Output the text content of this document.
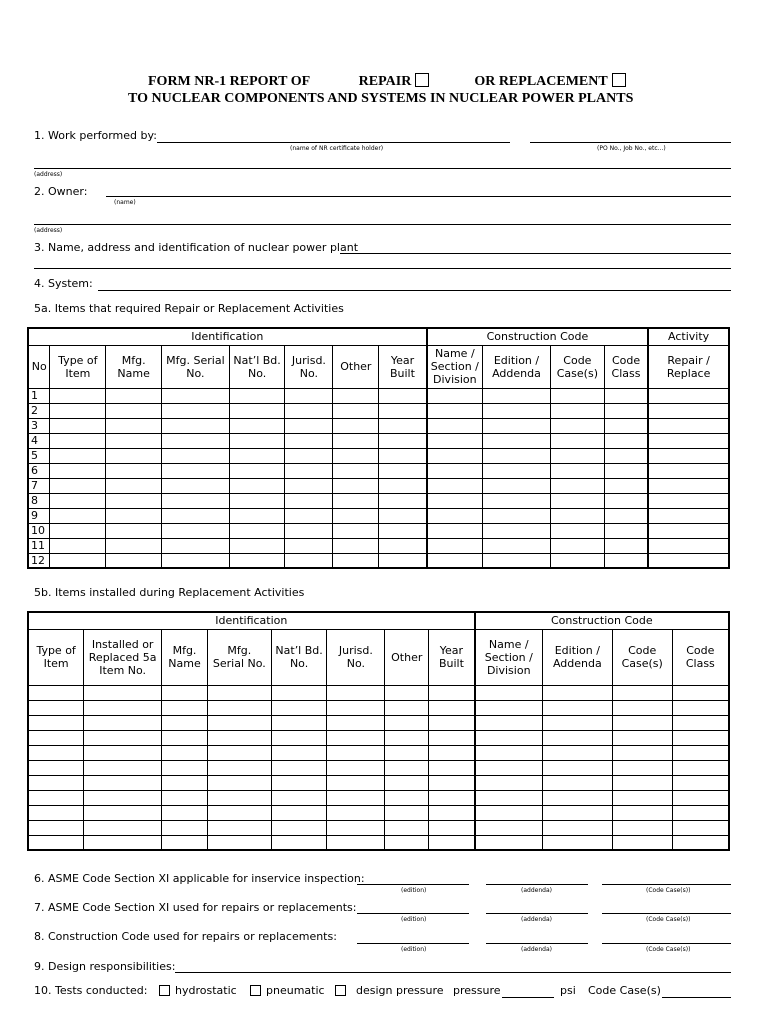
FORM NR-1 REPORT OF	REPAIR	OR REPLACEMENT
TO NUCLEAR COMPONENTS AND SYSTEMS IN NUCLEAR POWER PLANTS
1. Work performed by:
(name of NR certificate holder)	(PO No., Job No., etc...)
(address)
2. Owner:
(name)
(address)
3. Name, address and identification of nuclear power plant
4. System:
5a. Items that required Repair or Replacement Activities
Identification								Construction Code				Activity
No	Type of Item	Mfg. Name	Mfg. Serial No.	Nat’l Bd. No.	Jurisd. No.	Other	Year Built	Name / Section / Division	Edition / Addenda	Code Case(s)	Code Class	Repair / Replace
1												
2												
3												
4												
5												
6												
7												
8												
9												
10												
11												
12												
5b. Items installed during Replacement Activities
Identification								Construction Code			
Type of Item	Installed or Replaced 5a Item No.	Mfg. Name	Mfg. Serial No.	Nat’l Bd. No.	Jurisd. No.	Other	Year Built	Name / Section / Division	Edition / Addenda	Code Case(s)	Code Class

6. ASME Code Section XI applicable for inservice inspection:
(edition)	(addenda)	(Code Case(s))
7. ASME Code Section XI used for repairs or replacements:
(edition)	(addenda)	(Code Case(s))
8. Construction Code used for repairs or replacements:
(edition)	(addenda)	(Code Case(s))
9. Design responsibilities:
10. Tests conducted:	hydrostatic	pneumatic	design pressure pressure	psi Code Case(s)
